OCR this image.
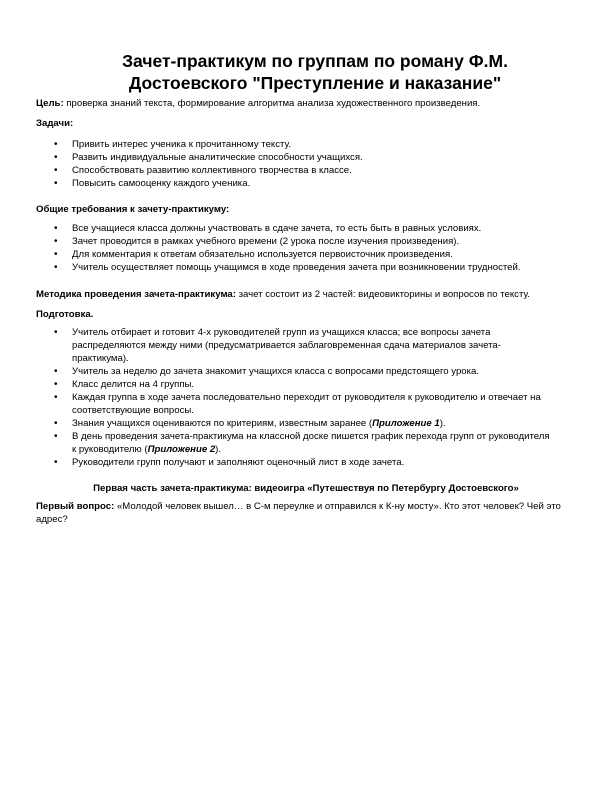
Зачет-практикум по группам по роману Ф.М.
Достоевского "Преступление и наказание"
Цель: проверка знаний текста, формирование алгоритма анализа художественного произведения.
Задачи:
• Привить интерес ученика к прочитанному тексту.
• Развить индивидуальные аналитические способности учащихся.
• Способствовать развитию коллективного творчества в классе.
• Повысить самооценку каждого ученика.
Общие требования к зачету-практикуму:
• Все учащиеся класса должны участвовать в сдаче зачета, то есть быть в равных условиях.
• Зачет проводится в рамках учебного времени (2 урока после изучения произведения).
• Для комментария к ответам обязательно используется первоисточник произведения.
• Учитель осуществляет помощь учащимся в ходе проведения зачета при возникновении трудностей.
Методика проведения зачета-практикума: зачет состоит из 2 частей: видеовикторины и вопросов по тексту.
Подготовка.
• Учитель отбирает и готовит 4-х руководителей групп из учащихся класса; все вопросы зачета распределяются между ними (предусматривается заблаговременная сдача материалов зачета-практикума).
• Учитель за неделю до зачета знакомит учащихся класса с вопросами предстоящего урока.
• Класс делится на 4 группы.
• Каждая группа в ходе зачета последовательно переходит от руководителя к руководителю и отвечает на соответствующие вопросы.
• Знания учащихся оцениваются по критериям, известным заранее (Приложение 1).
• В день проведения зачета-практикума на классной доске пишется график перехода групп от руководителя к руководителю (Приложение 2).
• Руководители групп получают и заполняют оценочный лист в ходе зачета.
Первая часть зачета-практикума: видеоигра «Путешествуя по Петербургу Достоевского»
Первый вопрос: «Молодой человек вышел… в С-м переулке и отправился к К-ну мосту». Кто этот человек? Чей это адрес?
